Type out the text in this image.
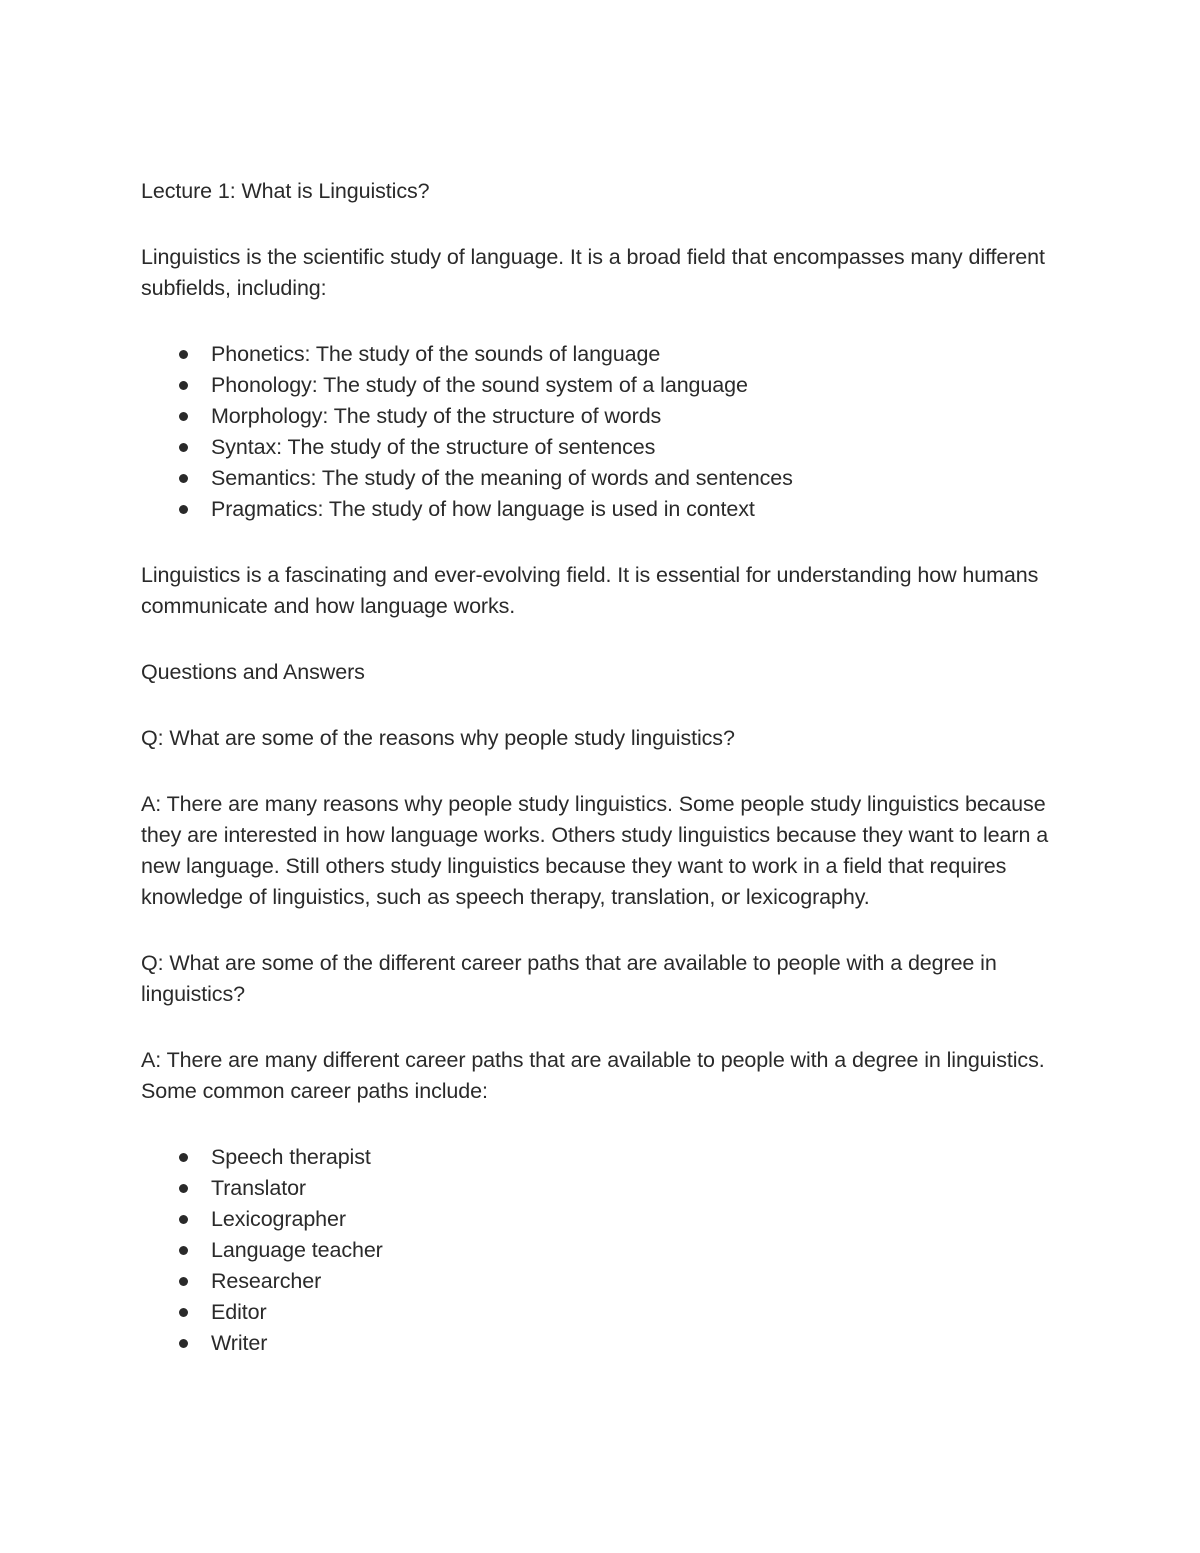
Lecture 1: What is Linguistics?

Linguistics is the scientific study of language. It is a broad field that encompasses many different subfields, including:

Phonetics: The study of the sounds of language
Phonology: The study of the sound system of a language
Morphology: The study of the structure of words
Syntax: The study of the structure of sentences
Semantics: The study of the meaning of words and sentences
Pragmatics: The study of how language is used in context

Linguistics is a fascinating and ever-evolving field. It is essential for understanding how humans communicate and how language works.

Questions and Answers

Q: What are some of the reasons why people study linguistics?

A: There are many reasons why people study linguistics. Some people study linguistics because they are interested in how language works. Others study linguistics because they want to learn a new language. Still others study linguistics because they want to work in a field that requires knowledge of linguistics, such as speech therapy, translation, or lexicography.

Q: What are some of the different career paths that are available to people with a degree in linguistics?

A: There are many different career paths that are available to people with a degree in linguistics. Some common career paths include:

Speech therapist
Translator
Lexicographer
Language teacher
Researcher
Editor
Writer
